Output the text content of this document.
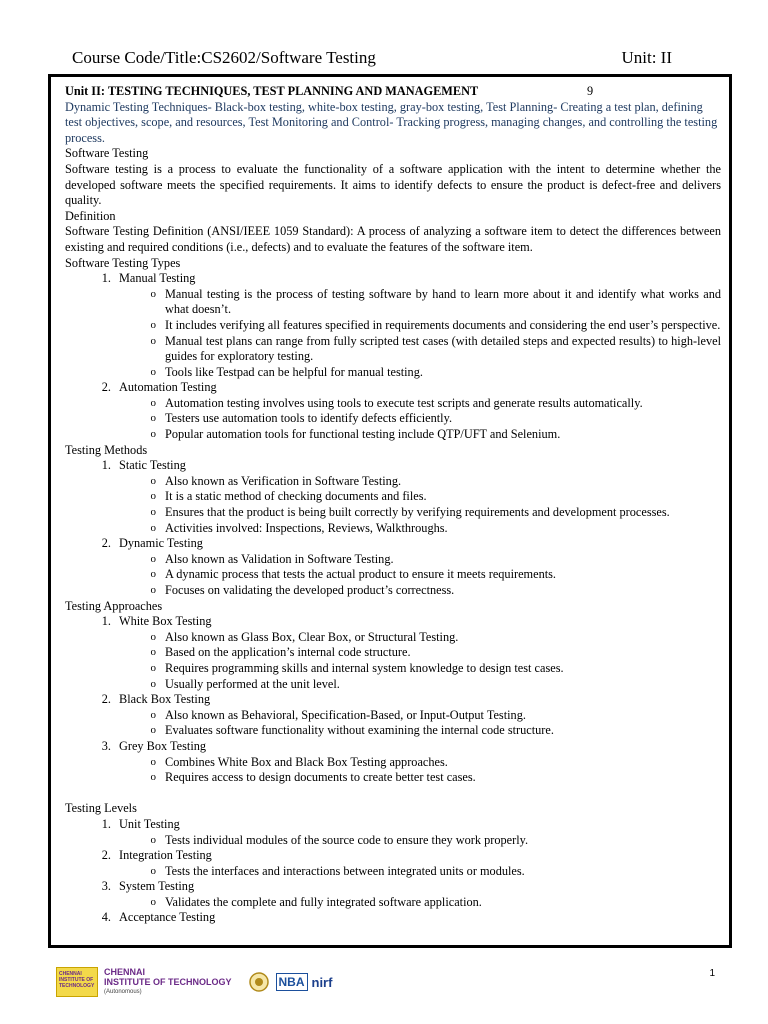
Course Code/Title:CS2602/Software Testing	Unit: II
Unit II: TESTING TECHNIQUES, TEST PLANNING AND MANAGEMENT	9
Dynamic Testing Techniques- Black-box testing, white-box testing, gray-box testing, Test Planning- Creating a test plan, defining test objectives, scope, and resources, Test Monitoring and Control- Tracking progress, managing changes, and controlling the testing process.
Software Testing
Software testing is a process to evaluate the functionality of a software application with the intent to determine whether the developed software meets the specified requirements. It aims to identify defects to ensure the product is defect-free and delivers quality.
Definition
Software Testing Definition (ANSI/IEEE 1059 Standard): A process of analyzing a software item to detect the differences between existing and required conditions (i.e., defects) and to evaluate the features of the software item.
Software Testing Types
1. Manual Testing
o Manual testing is the process of testing software by hand to learn more about it and identify what works and what doesn’t.
o It includes verifying all features specified in requirements documents and considering the end user’s perspective.
o Manual test plans can range from fully scripted test cases (with detailed steps and expected results) to high-level guides for exploratory testing.
o Tools like Testpad can be helpful for manual testing.
2. Automation Testing
o Automation testing involves using tools to execute test scripts and generate results automatically.
o Testers use automation tools to identify defects efficiently.
o Popular automation tools for functional testing include QTP/UFT and Selenium.
Testing Methods
1. Static Testing
o Also known as Verification in Software Testing.
o It is a static method of checking documents and files.
o Ensures that the product is being built correctly by verifying requirements and development processes.
o Activities involved: Inspections, Reviews, Walkthroughs.
2. Dynamic Testing
o Also known as Validation in Software Testing.
o A dynamic process that tests the actual product to ensure it meets requirements.
o Focuses on validating the developed product’s correctness.
Testing Approaches
1. White Box Testing
o Also known as Glass Box, Clear Box, or Structural Testing.
o Based on the application’s internal code structure.
o Requires programming skills and internal system knowledge to design test cases.
o Usually performed at the unit level.
2. Black Box Testing
o Also known as Behavioral, Specification-Based, or Input-Output Testing.
o Evaluates software functionality without examining the internal code structure.
3. Grey Box Testing
o Combines White Box and Black Box Testing approaches.
o Requires access to design documents to create better test cases.
Testing Levels
1. Unit Testing
o Tests individual modules of the source code to ensure they work properly.
2. Integration Testing
o Tests the interfaces and interactions between integrated units or modules.
3. System Testing
o Validates the complete and fully integrated software application.
4. Acceptance Testing
CHENNAI INSTITUTE OF TECHNOLOGY
CHENNAI
INSTITUTE OF TECHNOLOGY
(Autonomous)
NBA nirf
1
